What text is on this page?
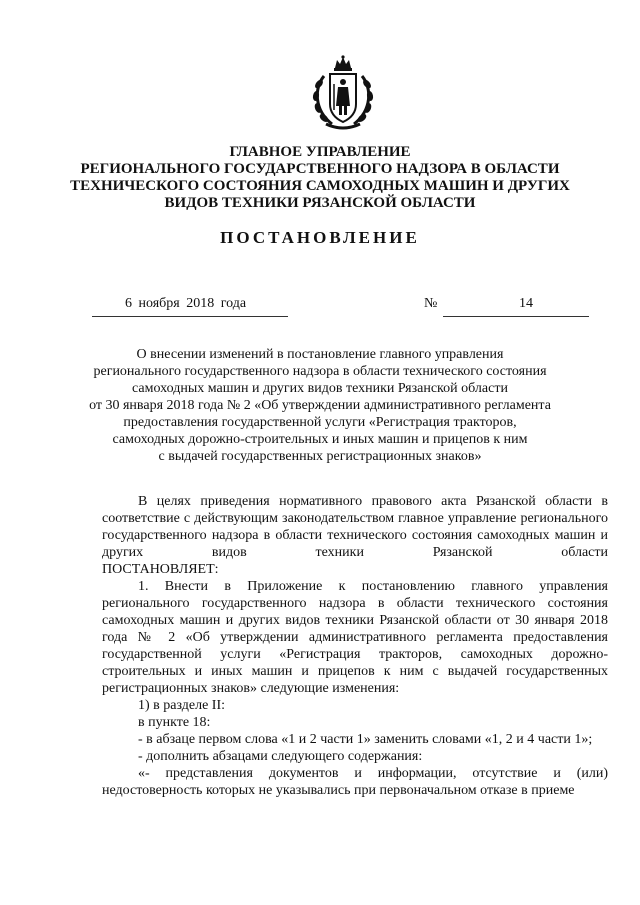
ГЛАВНОЕ УПРАВЛЕНИЕ
РЕГИОНАЛЬНОГО ГОСУДАРСТВЕННОГО НАДЗОРА В ОБЛАСТИ
ТЕХНИЧЕСКОГО СОСТОЯНИЯ САМОХОДНЫХ МАШИН И ДРУГИХ
ВИДОВ ТЕХНИКИ РЯЗАНСКОЙ ОБЛАСТИ
ПОСТАНОВЛЕНИЕ
6 ноября 2018 года	№	14
О внесении изменений в постановление главного управления
регионального государственного надзора в области технического состояния
самоходных машин и других видов техники Рязанской области
от 30 января 2018 года № 2 «Об утверждении административного регламента
предоставления государственной услуги «Регистрация тракторов,
самоходных дорожно-строительных и иных машин и прицепов к ним
с выдачей государственных регистрационных знаков»

В целях приведения нормативного правового акта Рязанской области в соответствие с действующим законодательством главное управление регионального государственного надзора в области технического состояния самоходных машин и других видов техники Рязанской области

ПОСТАНОВЛЯЕТ:

1. Внести в Приложение к постановлению главного управления регионального государственного надзора в области технического состояния самоходных машин и других видов техники Рязанской области от 30 января 2018 года № 2 «Об утверждении административного регламента предоставления государственной услуги «Регистрация тракторов, самоходных дорожно-строительных и иных машин и прицепов к ним с выдачей государственных регистрационных знаков» следующие изменения:

1) в разделе II:

в пункте 18:

- в абзаце первом слова «1 и 2 части 1» заменить словами «1, 2 и 4 части 1»;

- дополнить абзацами следующего содержания:

«- представления документов и информации, отсутствие и (или) недостоверность которых не указывались при первоначальном отказе в приеме
